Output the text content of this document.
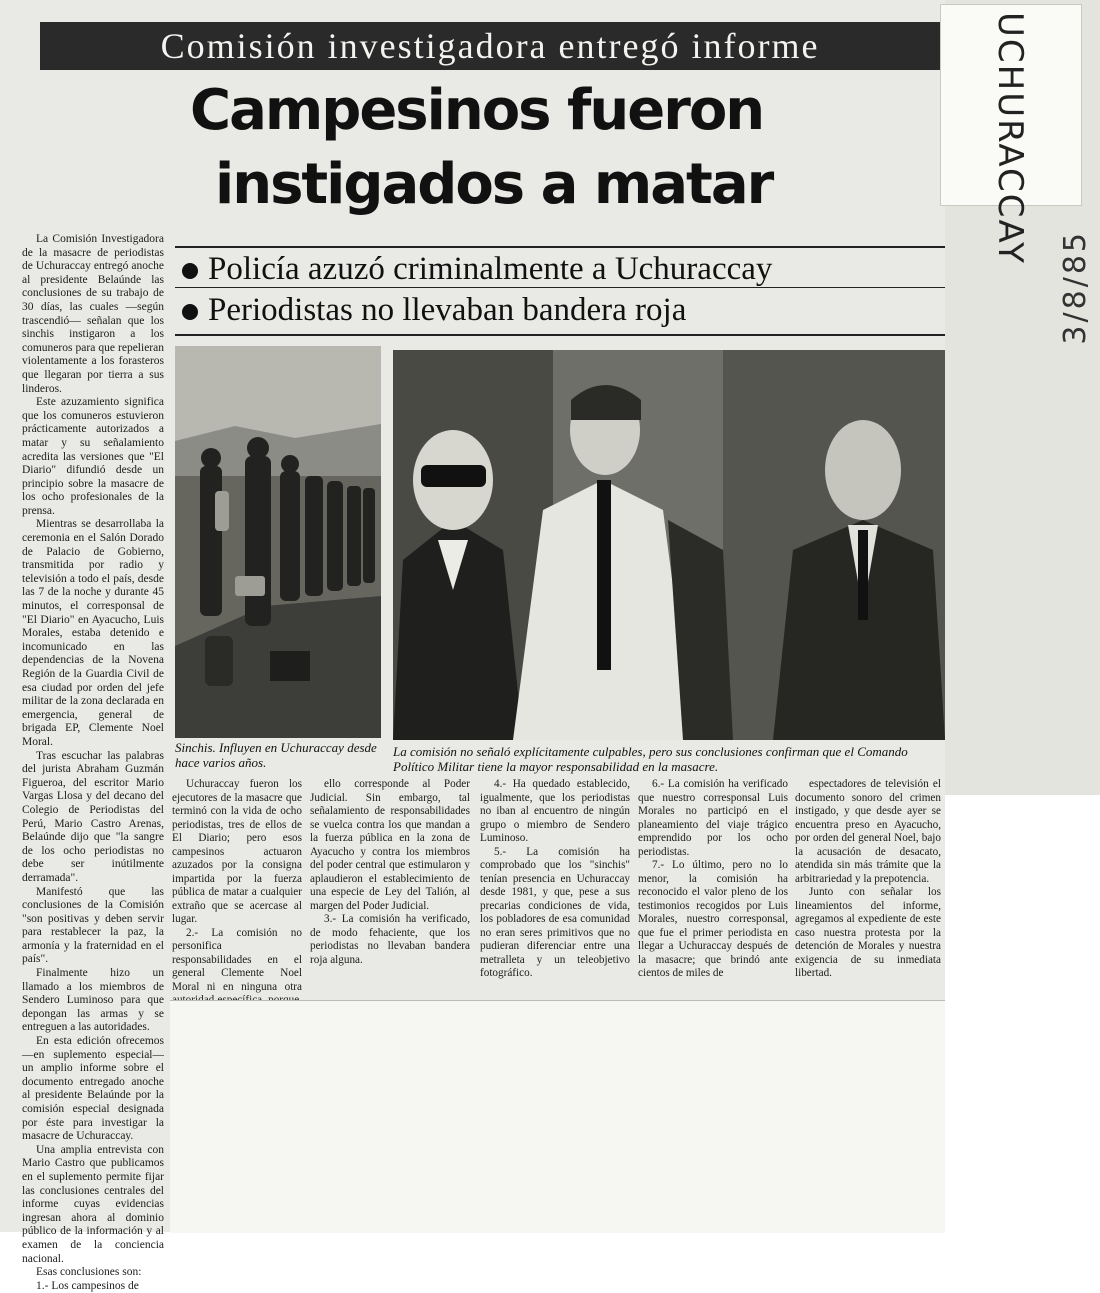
UCHURACCAY
3/8/85
Comisión investigadora entregó informe
Campesinos fueron
instigados a matar
Policía azuzó criminalmente a Uchuraccay
Periodistas no llevaban bandera roja
Sinchis. Influyen en Uchuraccay desde hace varios años.
La comisión no señaló explícitamente culpables, pero sus conclusiones confirman que el Comando Político Militar tiene la mayor responsabilidad en la masacre.

La Comisión Investigadora de la masacre de periodistas de Uchuraccay entregó anoche al presidente Belaúnde las conclusiones de su trabajo de 30 días, las cuales —según trascendió— señalan que los sinchis instigaron a los comuneros para que repelieran violentamente a los forasteros que llegaran por tierra a sus linderos.

Este azuzamiento significa que los comuneros estuvieron prácticamente autorizados a matar y su señalamiento acredita las versiones que "El Diario" difundió desde un principio sobre la masacre de los ocho profesionales de la prensa.

Mientras se desarrollaba la ceremonia en el Salón Dorado de Palacio de Gobierno, transmitida por radio y televisión a todo el país, desde las 7 de la noche y durante 45 minutos, el corresponsal de "El Diario" en Ayacucho, Luis Morales, estaba detenido e incomunicado en las dependencias de la Novena Región de la Guardia Civil de esa ciudad por orden del jefe militar de la zona declarada en emergencia, general de brigada EP, Clemente Noel Moral.

Tras escuchar las palabras del jurista Abraham Guzmán Figueroa, del escritor Mario Vargas Llosa y del decano del Colegio de Periodistas del Perú, Mario Castro Arenas, Belaúnde dijo que "la sangre de los ocho periodistas no debe ser inútilmente derramada".

Manifestó que las conclusiones de la Comisión "son positivas y deben servir para restablecer la paz, la armonía y la fraternidad en el país".

Finalmente hizo un llamado a los miembros de Sendero Luminoso para que depongan las armas y se entreguen a las autoridades.

En esta edición ofrecemos —en suplemento especial— un amplio informe sobre el documento entregado anoche al presidente Belaúnde por la comisión especial designada por éste para investigar la masacre de Uchuraccay.

Una amplia entrevista con Mario Castro que publicamos en el suplemento permite fijar las conclusiones centrales del informe cuyas evidencias ingresan ahora al dominio público de la información y al examen de la conciencia nacional.

Esas conclusiones son:

1.- Los campesinos de

Uchuraccay fueron los ejecutores de la masacre que terminó con la vida de ocho periodistas, tres de ellos de El Diario; pero esos campesinos actuaron azuzados por la consigna impartida por la fuerza pública de matar a cualquier extraño que se acercase al lugar.

2.- La comisión no personifica responsabilidades en el general Clemente Noel Moral ni en ninguna otra

ello corresponde al Poder Judicial. Sin embargo, tal señalamiento de responsabilidades se vuelca contra los que mandan a la fuerza pública en la zona de Ayacucho y contra los miembros del poder central que estimularon y aplaudieron el establecimiento de una especie de Ley del Talión, al margen del Poder Judicial.

3.- La comisión ha verificado, de modo fehaciente, que los periodistas no llevaban bandera roja alguna.

4.- Ha quedado establecido, igualmente, que los periodistas no iban al encuentro de ningún grupo o miembro de Sendero Luminoso.

5.- La comisión ha comprobado que los "sinchis" tenían presencia en Uchuraccay desde 1981, y que, pese a sus precarias condiciones de vida, los pobladores de esa comunidad no eran seres primitivos que no pudieran diferenciar entre una metralleta y un teleobjetivo fotográfico.

6.- La comisión ha verificado que nuestro corresponsal Luis Morales no participó en el planeamiento del viaje trágico emprendido por los ocho periodistas.

7.- Lo último, pero no lo menor, la comisión ha reconocido el valor pleno de los testimonios recogidos por Luis Morales, nuestro corresponsal, que fue el primer periodista en llegar a Uchuraccay después de la masacre; que brindó ante cientos de miles de

espectadores de televisión el documento sonoro del crimen instigado, y que desde ayer se encuentra preso en Ayacucho, por orden del general Noel, bajo la acusación de desacato, atendida sin más trámite que la arbitrariedad y la prepotencia.

Junto con señalar los lineamientos del informe, agregamos al expediente de este caso nuestra protesta por la detención de Morales y nuestra exigencia de su inmediata libertad.
